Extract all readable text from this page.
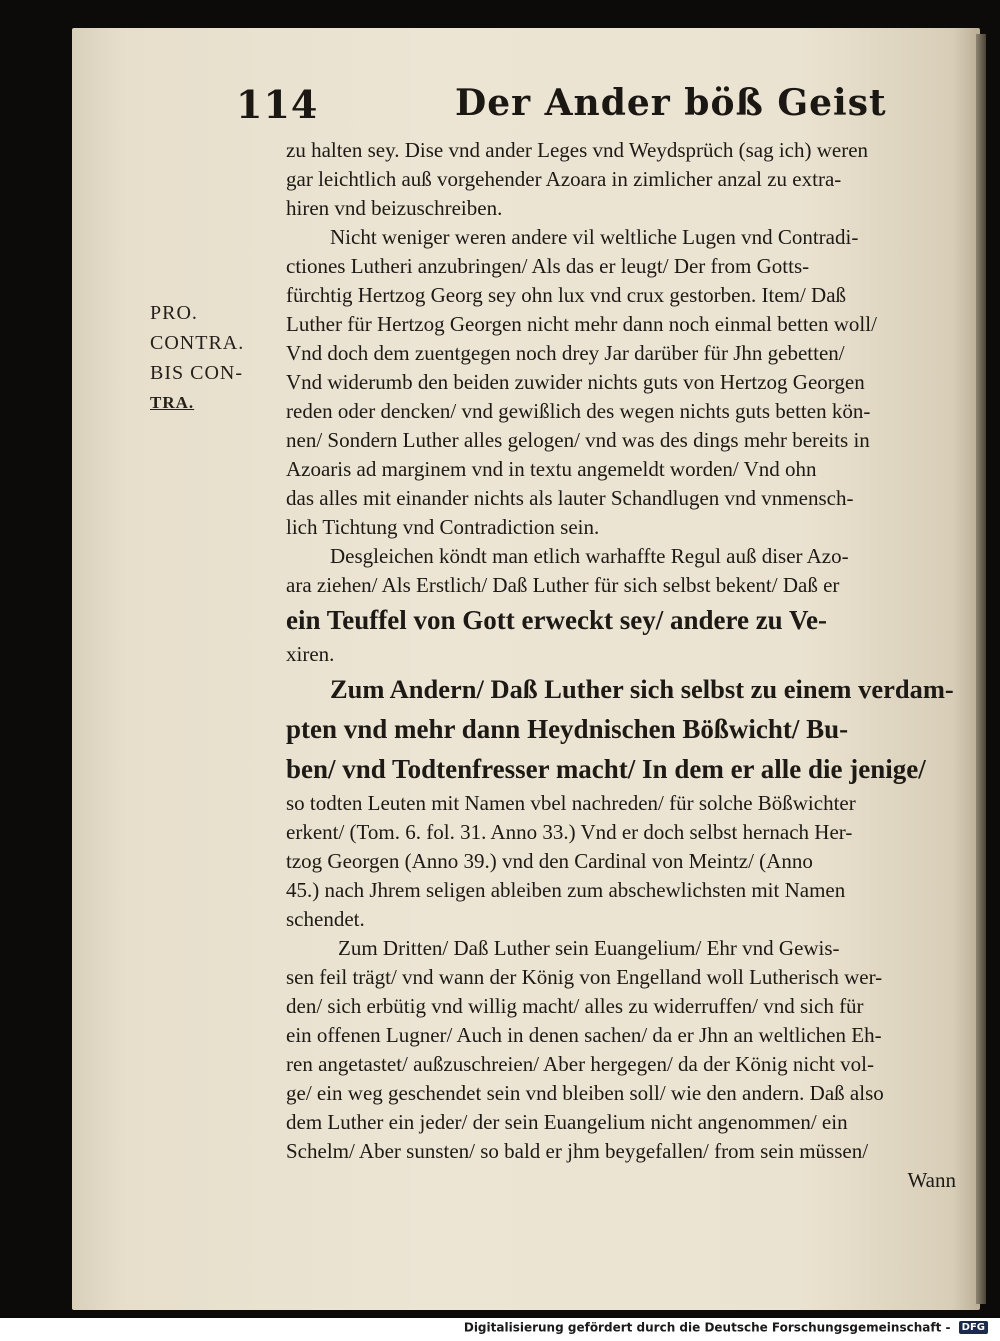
114	Der Ander böß Geist
PRO.
CONTRA.
BIS CON-
TRA.
zu halten sey. Dise vnd ander Leges vnd Weydsprüch (sag ich) weren
gar leichtlich auß vorgehender Azoara in zimlicher anzal zu extra-
hiren vnd beizuschreiben.
Nicht weniger weren andere vil weltliche Lugen vnd Contradi-
ctiones Lutheri anzubringen/ Als das er leugt/ Der from Gotts-
fürchtig Hertzog Georg sey ohn lux vnd crux gestorben. Item/ Daß
Luther für Hertzog Georgen nicht mehr dann noch einmal betten woll/
Vnd doch dem zuentgegen noch drey Jar darüber für Jhn gebetten/
Vnd widerumb den beiden zuwider nichts guts von Hertzog Georgen
reden oder dencken/ vnd gewißlich des wegen nichts guts betten kön-
nen/ Sondern Luther alles gelogen/ vnd was des dings mehr bereits in
Azoaris ad marginem vnd in textu angemeldt worden/ Vnd ohn
das alles mit einander nichts als lauter Schandlugen vnd vnmensch-
lich Tichtung vnd Contradiction sein.
Desgleichen köndt man etlich warhaffte Regul auß diser Azo-
ara ziehen/ Als Erstlich/ Daß Luther für sich selbst bekent/ Daß er
ein Teuffel von Gott erweckt sey/ andere zu Ve-
xiren.
Zum Andern/ Daß Luther sich selbst zu einem verdam-
pten vnd mehr dann Heydnischen Bößwicht/ Bu-
ben/ vnd Todtenfresser macht/ In dem er alle die jenige/
so todten Leuten mit Namen vbel nachreden/ für solche Bößwichter
erkent/ (Tom. 6. fol. 31. Anno 33.) Vnd er doch selbst hernach Her-
tzog Georgen (Anno 39.) vnd den Cardinal von Meintz/ (Anno
45.) nach Jhrem seligen ableiben zum abschewlichsten mit Namen
schendet.
Zum Dritten/ Daß Luther sein Euangelium/ Ehr vnd Gewis-
sen feil trägt/ vnd wann der König von Engelland woll Lutherisch wer-
den/ sich erbütig vnd willig macht/ alles zu widerruffen/ vnd sich für
ein offenen Lugner/ Auch in denen sachen/ da er Jhn an weltlichen Eh-
ren angetastet/ außzuschreien/ Aber hergegen/ da der König nicht vol-
ge/ ein weg geschendet sein vnd bleiben soll/ wie den andern. Daß also
dem Luther ein jeder/ der sein Euangelium nicht angenommen/ ein
Schelm/ Aber sunsten/ so bald er jhm beygefallen/ from sein müssen/
Wann
Digitalisierung gefördert durch die Deutsche Forschungsgemeinschaft - DFG
